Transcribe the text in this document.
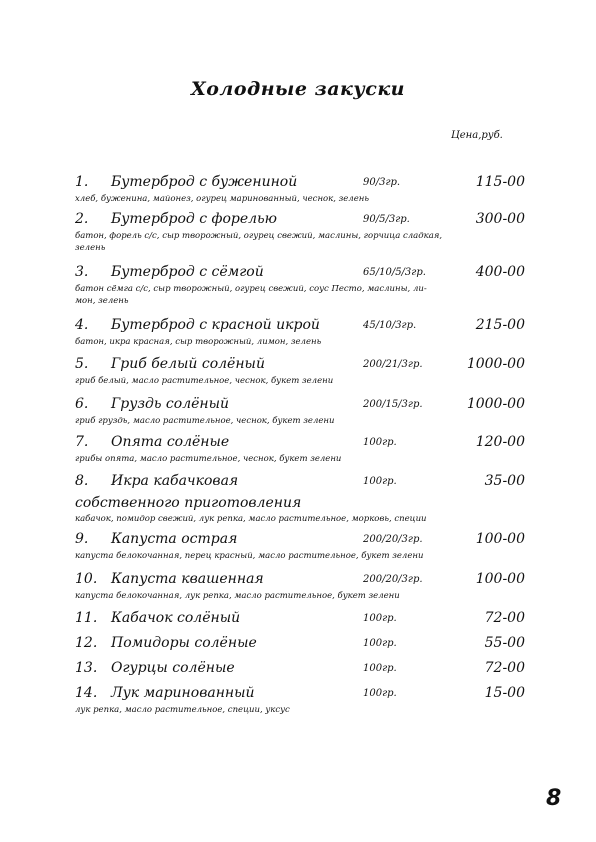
Холодные закуски
Цена,руб.
1. Бутерброд с бужениной	90/3гр.	115-00
хлеб, буженина, майонез, огурец маринованный, чеснок, зелень
2. Бутерброд с форелью	90/5/3гр.	300-00
батон, форель с/с, сыр творожный, огурец свежий, маслины, горчица сладкая,
зелень
3. Бутерброд с сёмгой	65/10/5/3гр.	400-00
батон сёмга с/с, сыр творожный, огурец свежий, соус Песто, маслины, ли-
мон, зелень
4. Бутерброд с красной икрой	45/10/3гр.	215-00
батон, икра красная, сыр творожный, лимон, зелень
5. Гриб белый солёный	200/21/3гр.	1000-00
гриб белый, масло растительное, чеснок, букет зелени
6. Груздь солёный	200/15/3гр.	1000-00
гриб груздь, масло растительное, чеснок, букет зелени
7. Опята солёные	100гр.	120-00
грибы опята, масло растительное, чеснок, букет зелени
8. Икра кабачковая	100гр.	35-00
собственного приготовления
кабачок, помидор свежий, лук репка, масло растительное, морковь, специи
9. Капуста острая	200/20/3гр.	100-00
капуста белокочанная, перец красный, масло растительное, букет зелени
10. Капуста квашенная	200/20/3гр.	100-00
капуста белокочанная, лук репка, масло растительное, букет зелени
11. Кабачок солёный	100гр.	72-00
12. Помидоры солёные	100гр.	55-00
13. Огурцы солёные	100гр.	72-00
14. Лук маринованный	100гр.	15-00
лук репка, масло растительное, специи, уксус
8
